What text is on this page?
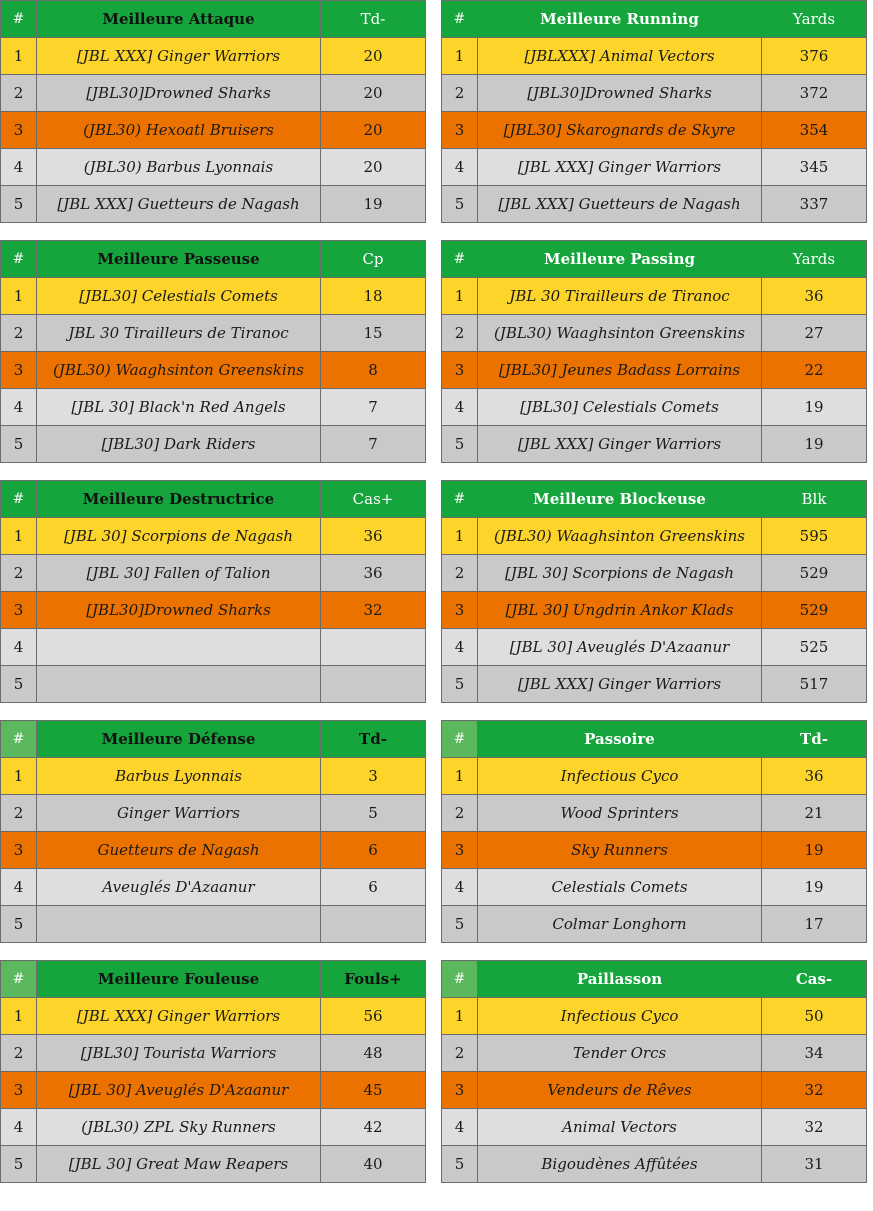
#	Meilleure Attaque	Td-
1	[JBL XXX] Ginger Warriors	20
2	[JBL30]Drowned Sharks	20
3	(JBL30) Hexoatl Bruisers	20
4	(JBL30) Barbus Lyonnais	20
5	[JBL XXX] Guetteurs de Nagash	19
#	Meilleure Running	Yards
1	[JBLXXX] Animal Vectors	376
2	[JBL30]Drowned Sharks	372
3	[JBL30] Skarognards de Skyre	354
4	[JBL XXX] Ginger Warriors	345
5	[JBL XXX] Guetteurs de Nagash	337
#	Meilleure Passeuse	Cp
1	[JBL30] Celestials Comets	18
2	JBL 30 Tirailleurs de Tiranoc	15
3	(JBL30) Waaghsinton Greenskins	8
4	[JBL 30] Black'n Red Angels	7
5	[JBL30] Dark Riders	7
#	Meilleure Passing	Yards
1	JBL 30 Tirailleurs de Tiranoc	36
2	(JBL30) Waaghsinton Greenskins	27
3	[JBL30] Jeunes Badass Lorrains	22
4	[JBL30] Celestials Comets	19
5	[JBL XXX] Ginger Warriors	19
#	Meilleure Destructrice	Cas+
1	[JBL 30] Scorpions de Nagash	36
2	[JBL 30] Fallen of Talion	36
3	[JBL30]Drowned Sharks	32
4		
5		
#	Meilleure Blockeuse	Blk
1	(JBL30) Waaghsinton Greenskins	595
2	[JBL 30] Scorpions de Nagash	529
3	[JBL 30] Ungdrin Ankor Klads	529
4	[JBL 30] Aveuglés D'Azaanur	525
5	[JBL XXX] Ginger Warriors	517
#	Meilleure Défense	Td-
1	Barbus Lyonnais	3
2	Ginger Warriors	5
3	Guetteurs de Nagash	6
4	Aveuglés D'Azaanur	6
5		
#	Passoire	Td-
1	Infectious Cyco	36
2	Wood Sprinters	21
3	Sky Runners	19
4	Celestials Comets	19
5	Colmar Longhorn	17
#	Meilleure Fouleuse	Fouls+
1	[JBL XXX] Ginger Warriors	56
2	[JBL30] Tourista Warriors	48
3	[JBL 30] Aveuglés D'Azaanur	45
4	(JBL30) ZPL Sky Runners	42
5	[JBL 30] Great Maw Reapers	40
#	Paillasson	Cas-
1	Infectious Cyco	50
2	Tender Orcs	34
3	Vendeurs de Rêves	32
4	Animal Vectors	32
5	Bigoudènes Affûtées	31
